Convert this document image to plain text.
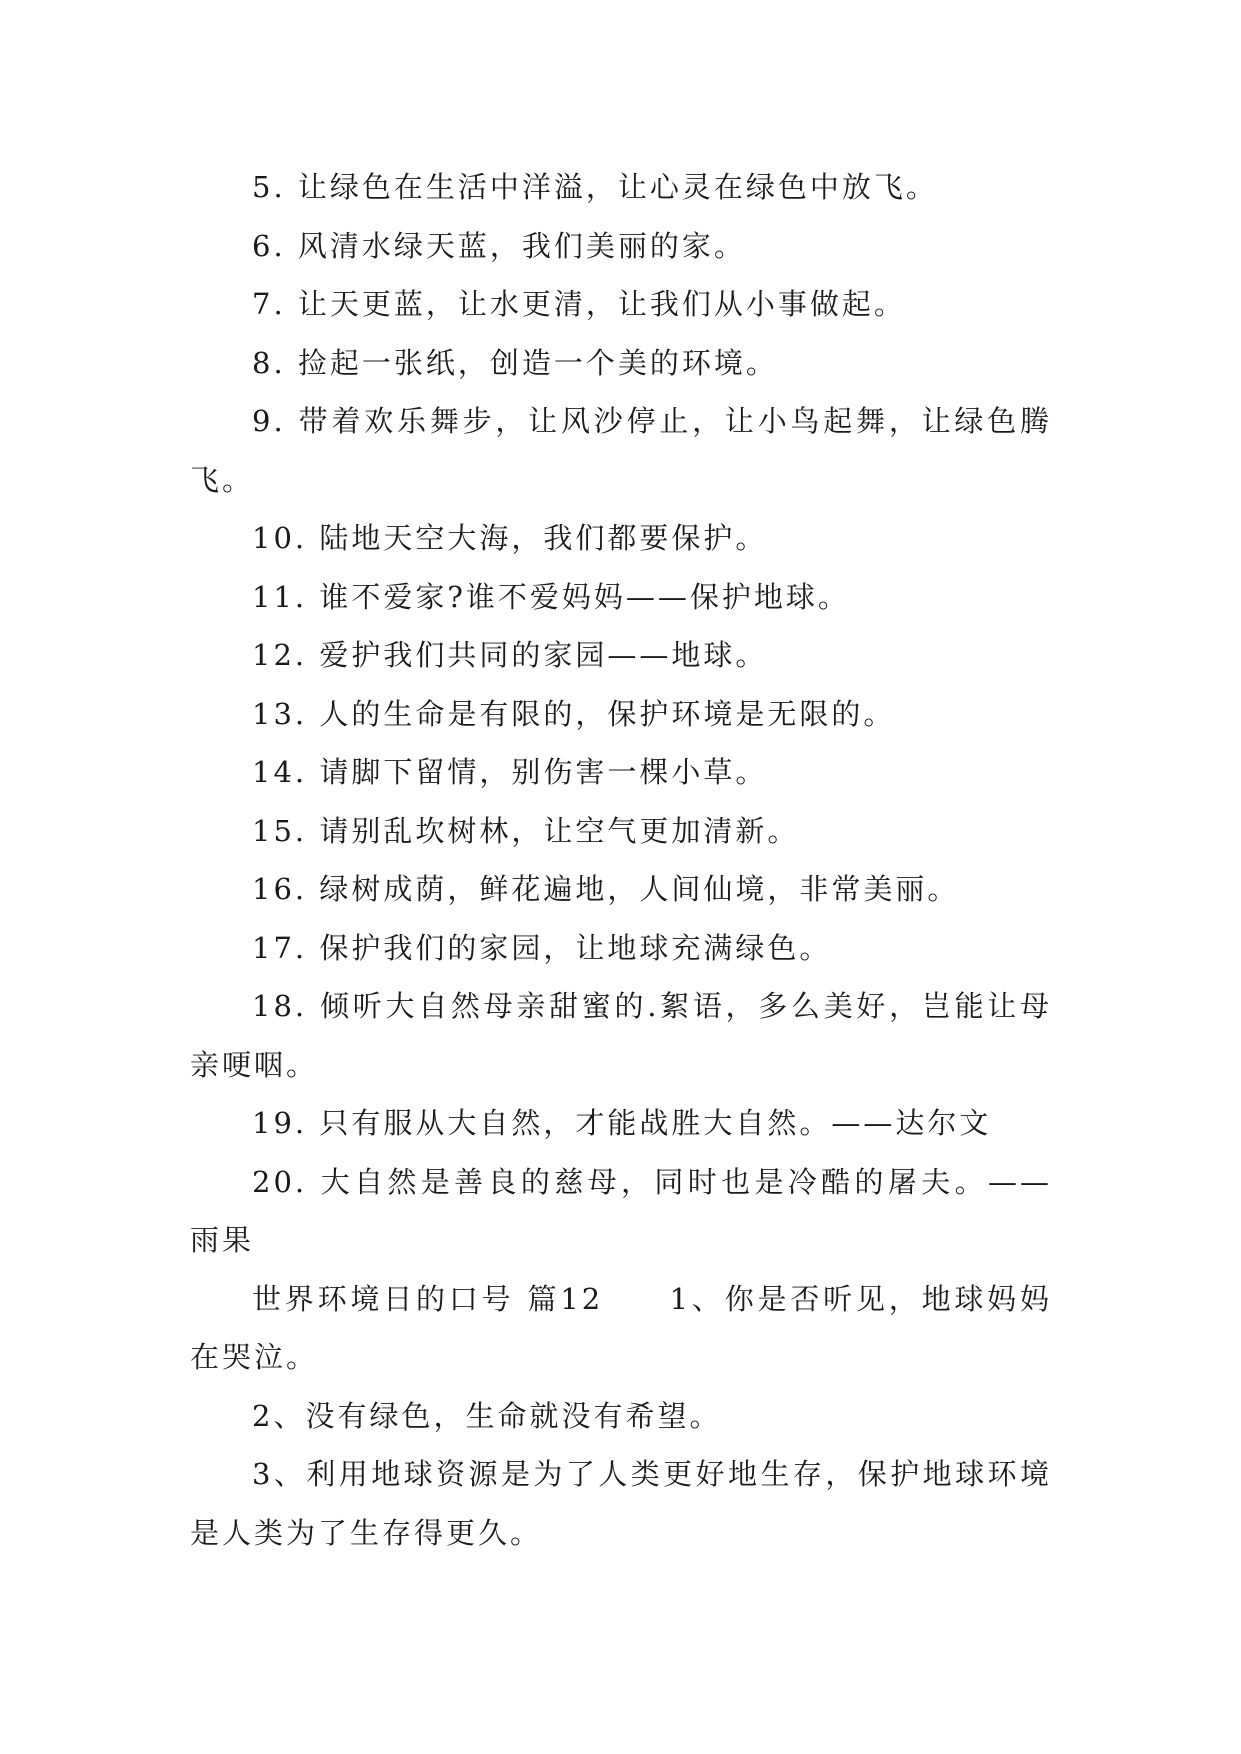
5. 让绿色在生活中洋溢，让心灵在绿色中放飞。

6. 风清水绿天蓝，我们美丽的家。

7. 让天更蓝，让水更清，让我们从小事做起。

8. 捡起一张纸，创造一个美的环境。

9. 带着欢乐舞步，让风沙停止，让小鸟起舞，让绿色腾飞。

10. 陆地天空大海，我们都要保护。

11. 谁不爱家?谁不爱妈妈——保护地球。

12. 爱护我们共同的家园——地球。

13. 人的生命是有限的，保护环境是无限的。

14. 请脚下留情，别伤害一棵小草。

15. 请别乱坎树林，让空气更加清新。

16. 绿树成荫，鲜花遍地，人间仙境，非常美丽。

17. 保护我们的家园，让地球充满绿色。

18. 倾听大自然母亲甜蜜的.絮语，多么美好，岂能让母亲哽咽。

19. 只有服从大自然，才能战胜大自然。——达尔文

20. 大自然是善良的慈母，同时也是冷酷的屠夫。——雨果

世界环境日的口号 篇12　　1、你是否听见，地球妈妈在哭泣。

2、没有绿色，生命就没有希望。

3、利用地球资源是为了人类更好地生存，保护地球环境是人类为了生存得更久。
